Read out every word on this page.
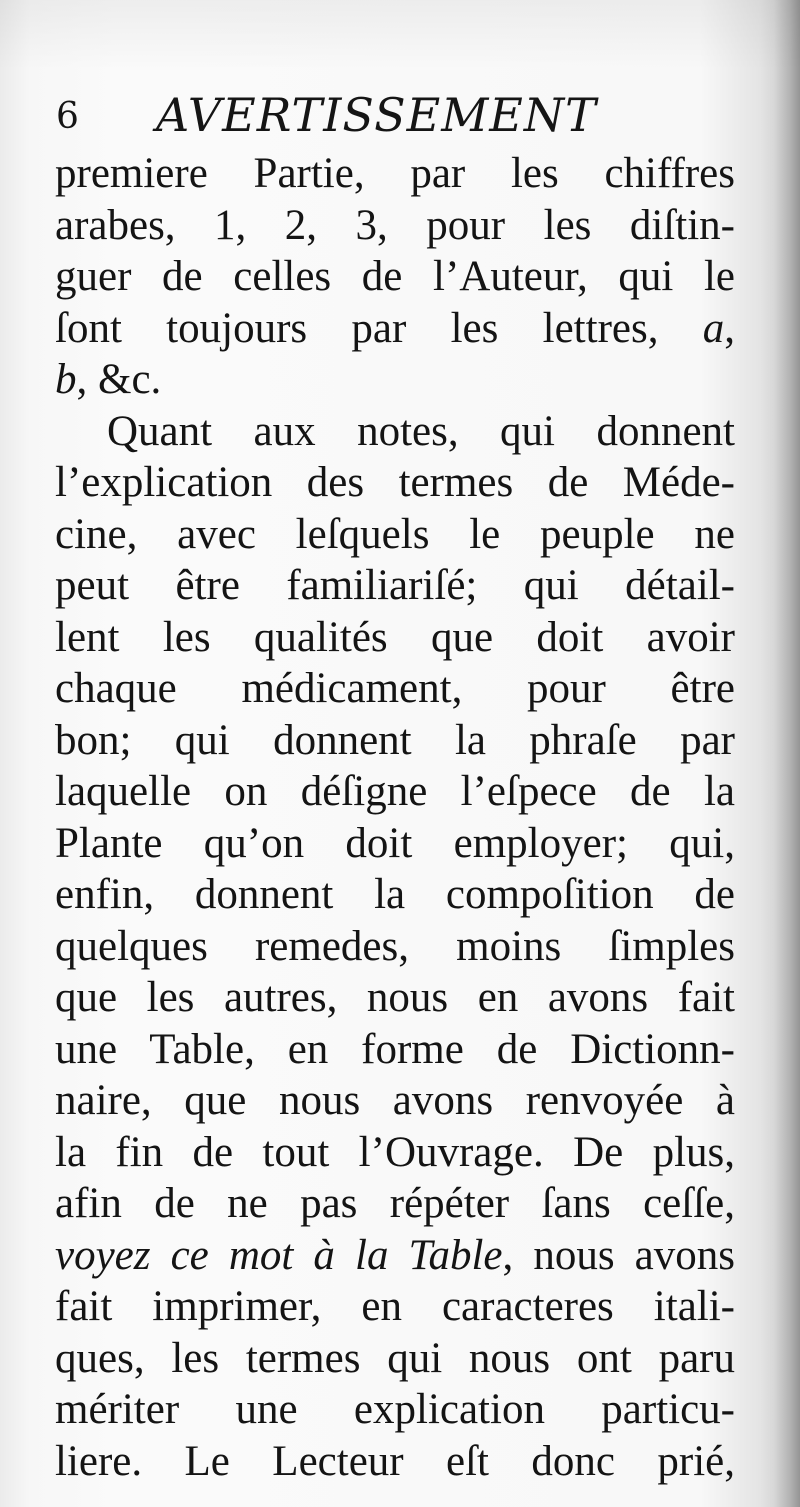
6 AVERTISSEMENT
premiere Partie, par les chiffres
arabes, 1, 2, 3, pour les diſtin-
guer de celles de l’Auteur, qui le
ſont toujours par les lettres, a,
b, &c.
Quant aux notes, qui donnent
l’explication des termes de Méde-
cine, avec leſquels le peuple ne
peut être familiariſé; qui détail-
lent les qualités que doit avoir
chaque médicament, pour être
bon; qui donnent la phraſe par
laquelle on déſigne l’eſpece de la
Plante qu’on doit employer; qui,
enfin, donnent la compoſition de
quelques remedes, moins ſimples
que les autres, nous en avons fait
une Table, en forme de Dictionn-
naire, que nous avons renvoyée à
la fin de tout l’Ouvrage. De plus,
afin de ne pas répéter ſans ceſſe,
voyez ce mot à la Table, nous avons
fait imprimer, en caracteres itali-
ques, les termes qui nous ont paru
mériter une explication particu-
liere. Le Lecteur eſt donc prié,
